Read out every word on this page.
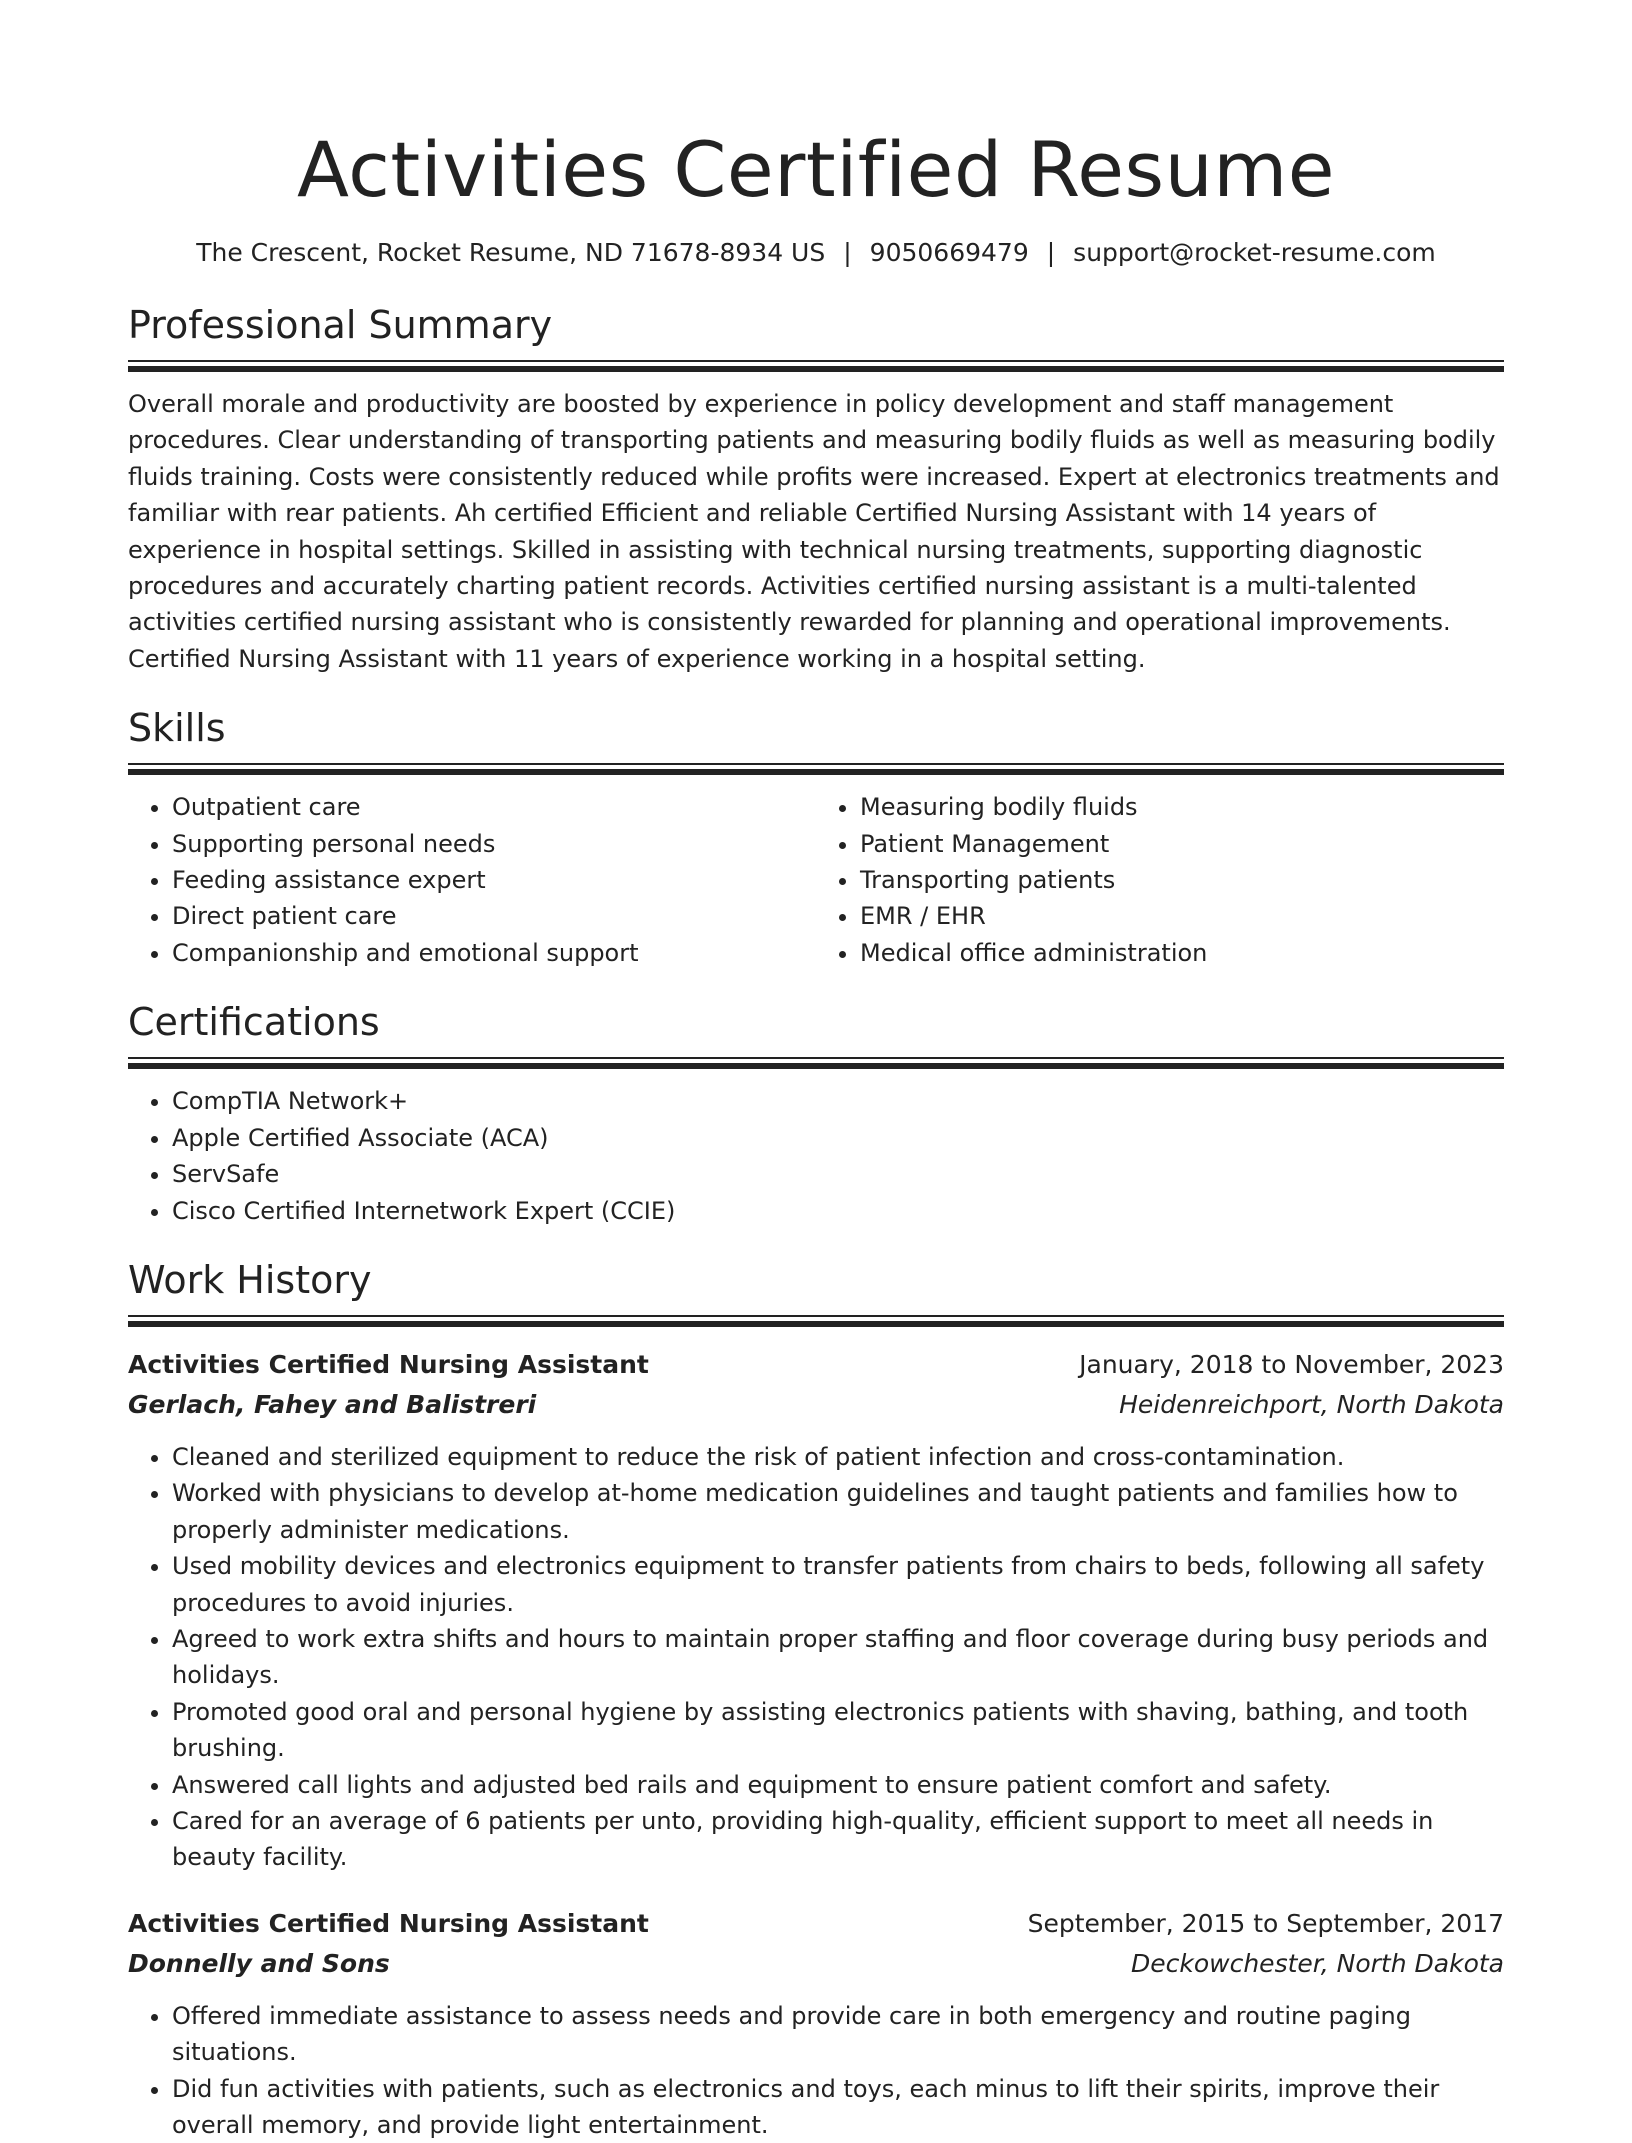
Activities Certified Resume
The Crescent, Rocket Resume, ND 71678-8934 US | 9050669479 | support@rocket-resume.com
Professional Summary

Overall morale and productivity are boosted by experience in policy development and staff management procedures. Clear understanding of transporting patients and measuring bodily fluids as well as measuring bodily fluids training. Costs were consistently reduced while profits were increased. Expert at electronics treatments and familiar with rear patients. Ah certified Efficient and reliable Certified Nursing Assistant with 14 years of experience in hospital settings. Skilled in assisting with technical nursing treatments, supporting diagnostic procedures and accurately charting patient records. Activities certified nursing assistant is a multi-talented activities certified nursing assistant who is consistently rewarded for planning and operational improvements. Certified Nursing Assistant with 11 years of experience working in a hospital setting.

Skills
• Outpatient care
• Supporting personal needs
• Feeding assistance expert
• Direct patient care
• Companionship and emotional support
• Measuring bodily fluids
• Patient Management
• Transporting patients
• EMR / EHR
• Medical office administration
Certifications
• CompTIA Network+
• Apple Certified Associate (ACA)
• ServSafe
• Cisco Certified Internetwork Expert (CCIE)
Work History
Activities Certified Nursing Assistant	January, 2018 to November, 2023
Gerlach, Fahey and Balistreri	Heidenreichport, North Dakota
• Cleaned and sterilized equipment to reduce the risk of patient infection and cross-contamination.
• Worked with physicians to develop at-home medication guidelines and taught patients and families how to properly administer medications.
• Used mobility devices and electronics equipment to transfer patients from chairs to beds, following all safety procedures to avoid injuries.
• Agreed to work extra shifts and hours to maintain proper staffing and floor coverage during busy periods and holidays.
• Promoted good oral and personal hygiene by assisting electronics patients with shaving, bathing, and tooth brushing.
• Answered call lights and adjusted bed rails and equipment to ensure patient comfort and safety.
• Cared for an average of 6 patients per unto, providing high-quality, efficient support to meet all needs in beauty facility.
Activities Certified Nursing Assistant	September, 2015 to September, 2017
Donnelly and Sons	Deckowchester, North Dakota
• Offered immediate assistance to assess needs and provide care in both emergency and routine paging situations.
• Did fun activities with patients, such as electronics and toys, each minus to lift their spirits, improve their overall memory, and provide light entertainment.
